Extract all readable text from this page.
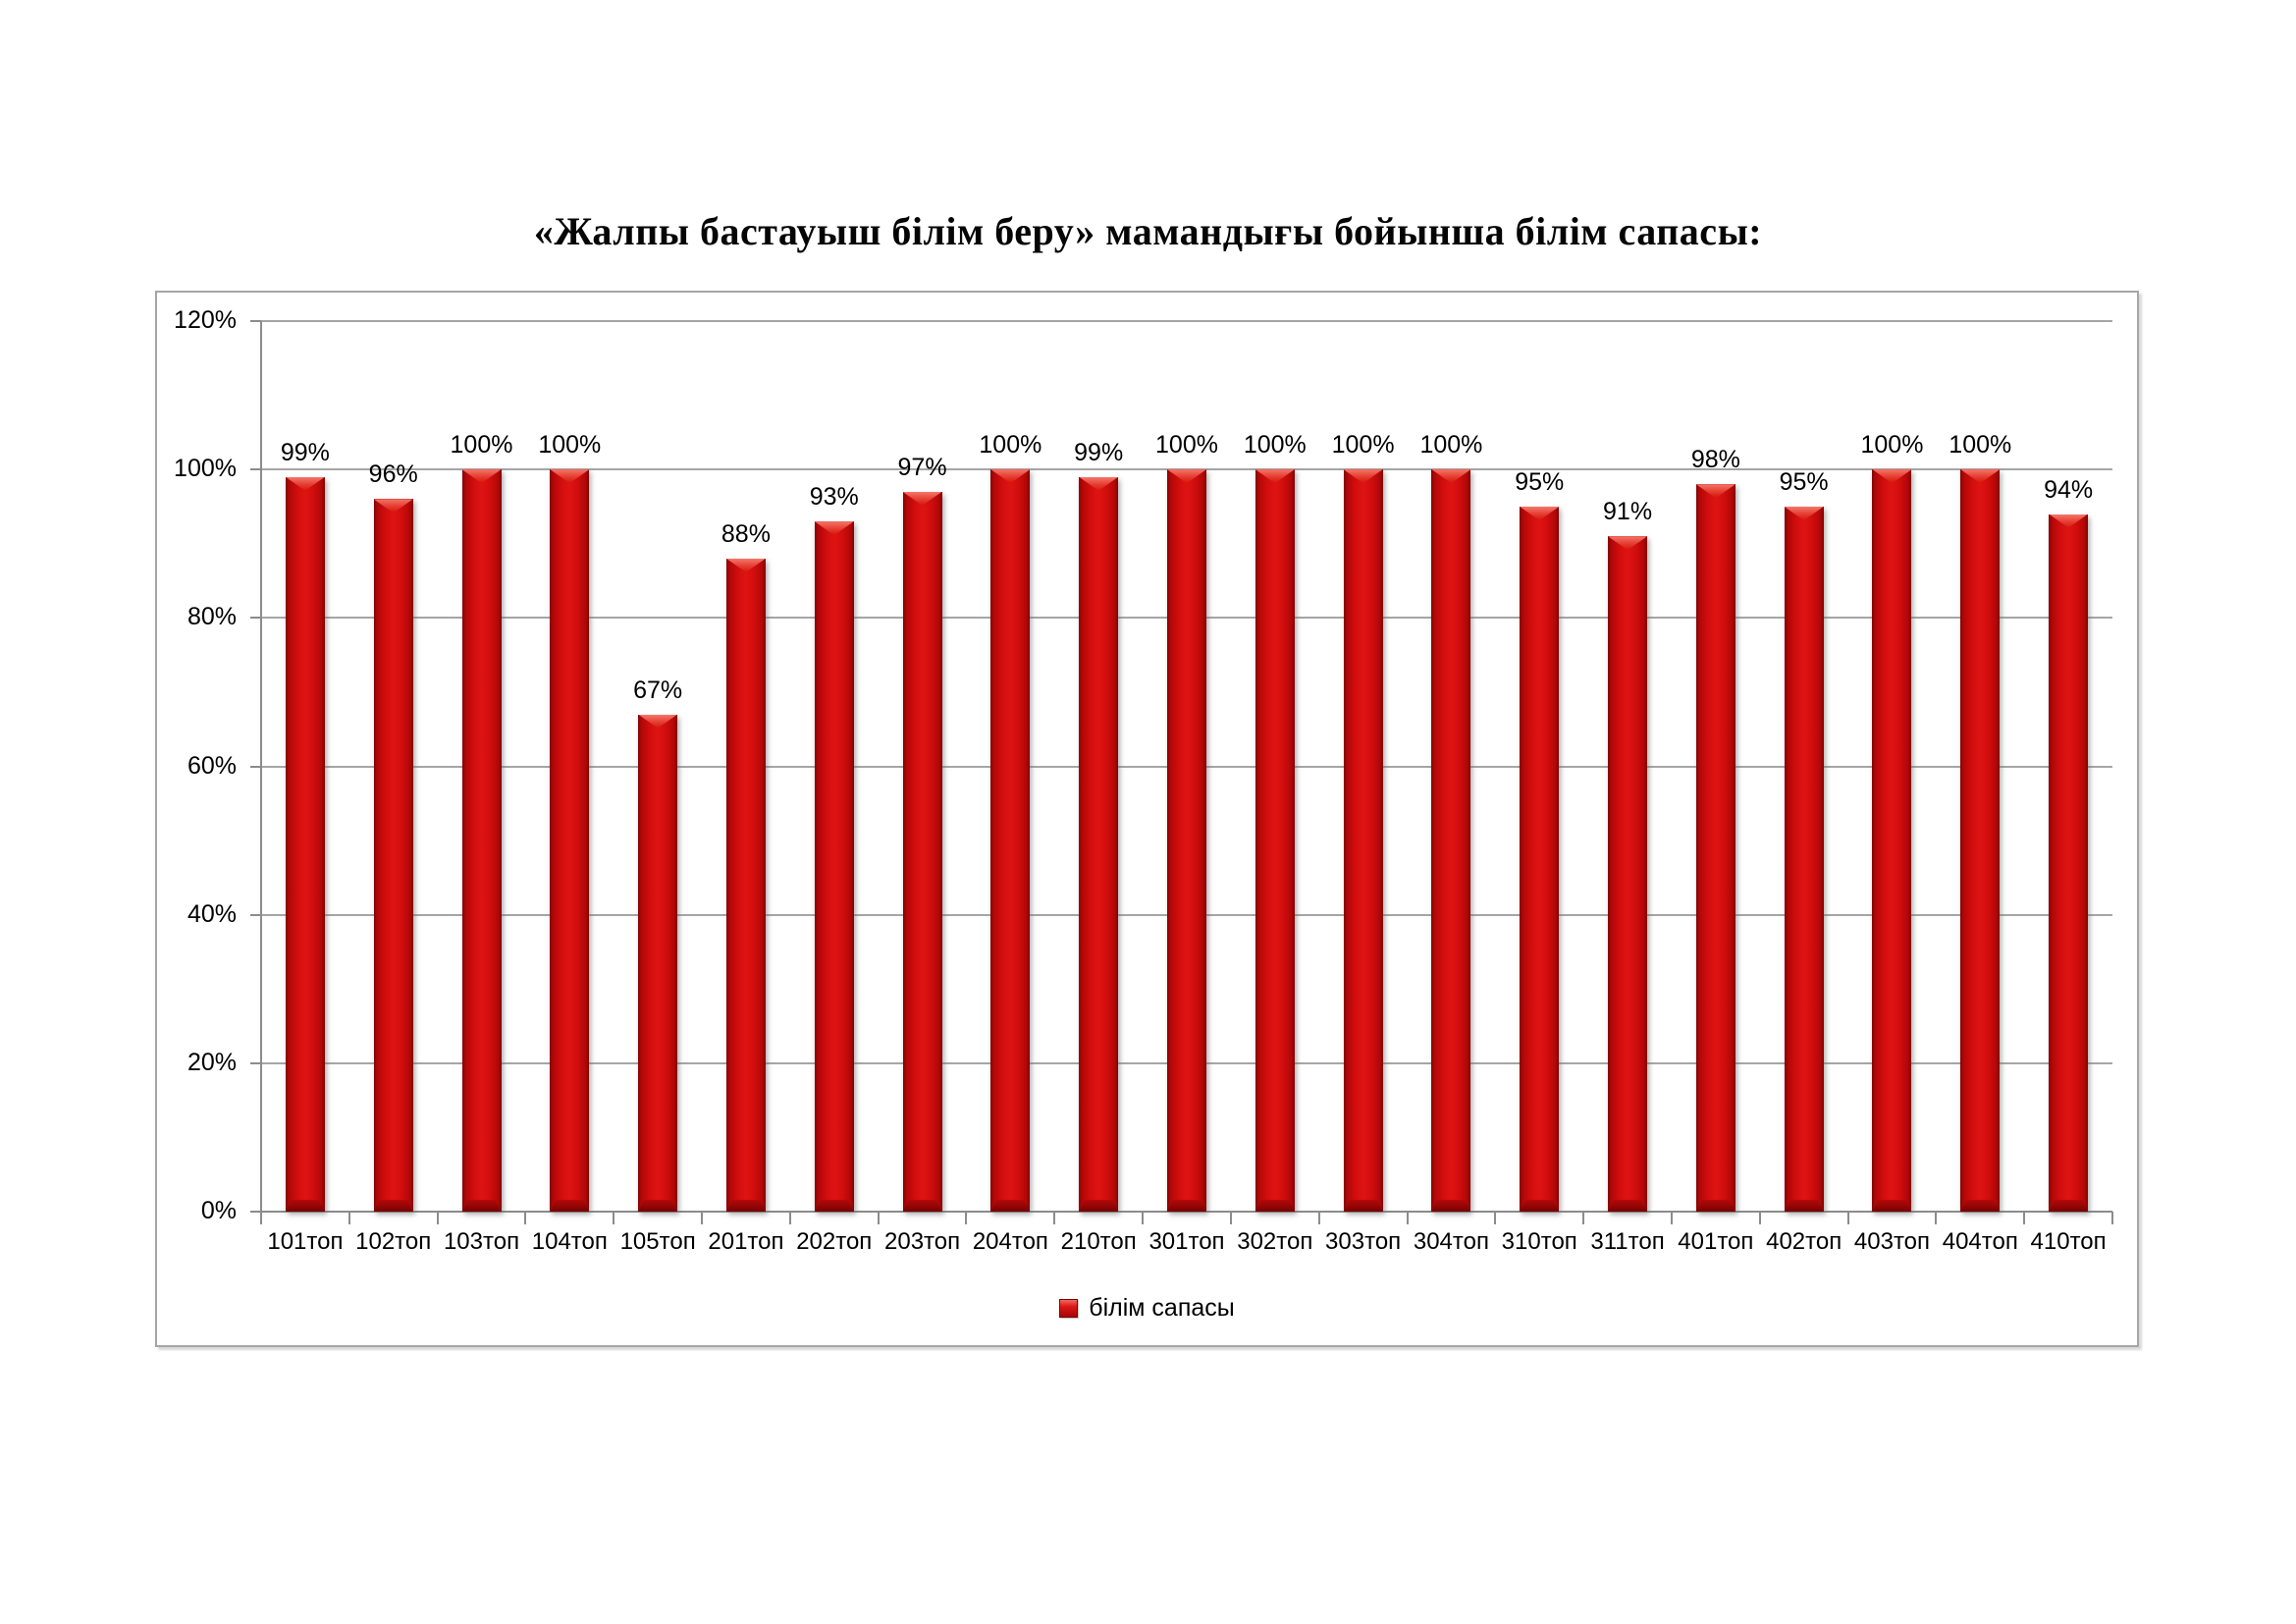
«Жалпы бастауыш білім беру» мамандығы бойынша білім сапасы:
0%
20%
40%
60%
80%
100%
120%
99%
101топ
96%
102топ
100%
103топ
100%
104топ
67%
105топ
88%
201топ
93%
202топ
97%
203топ
100%
204топ
99%
210топ
100%
301топ
100%
302топ
100%
303топ
100%
304топ
95%
310топ
91%
311топ
98%
401топ
95%
402топ
100%
403топ
100%
404топ
94%
410топ
білім сапасы
